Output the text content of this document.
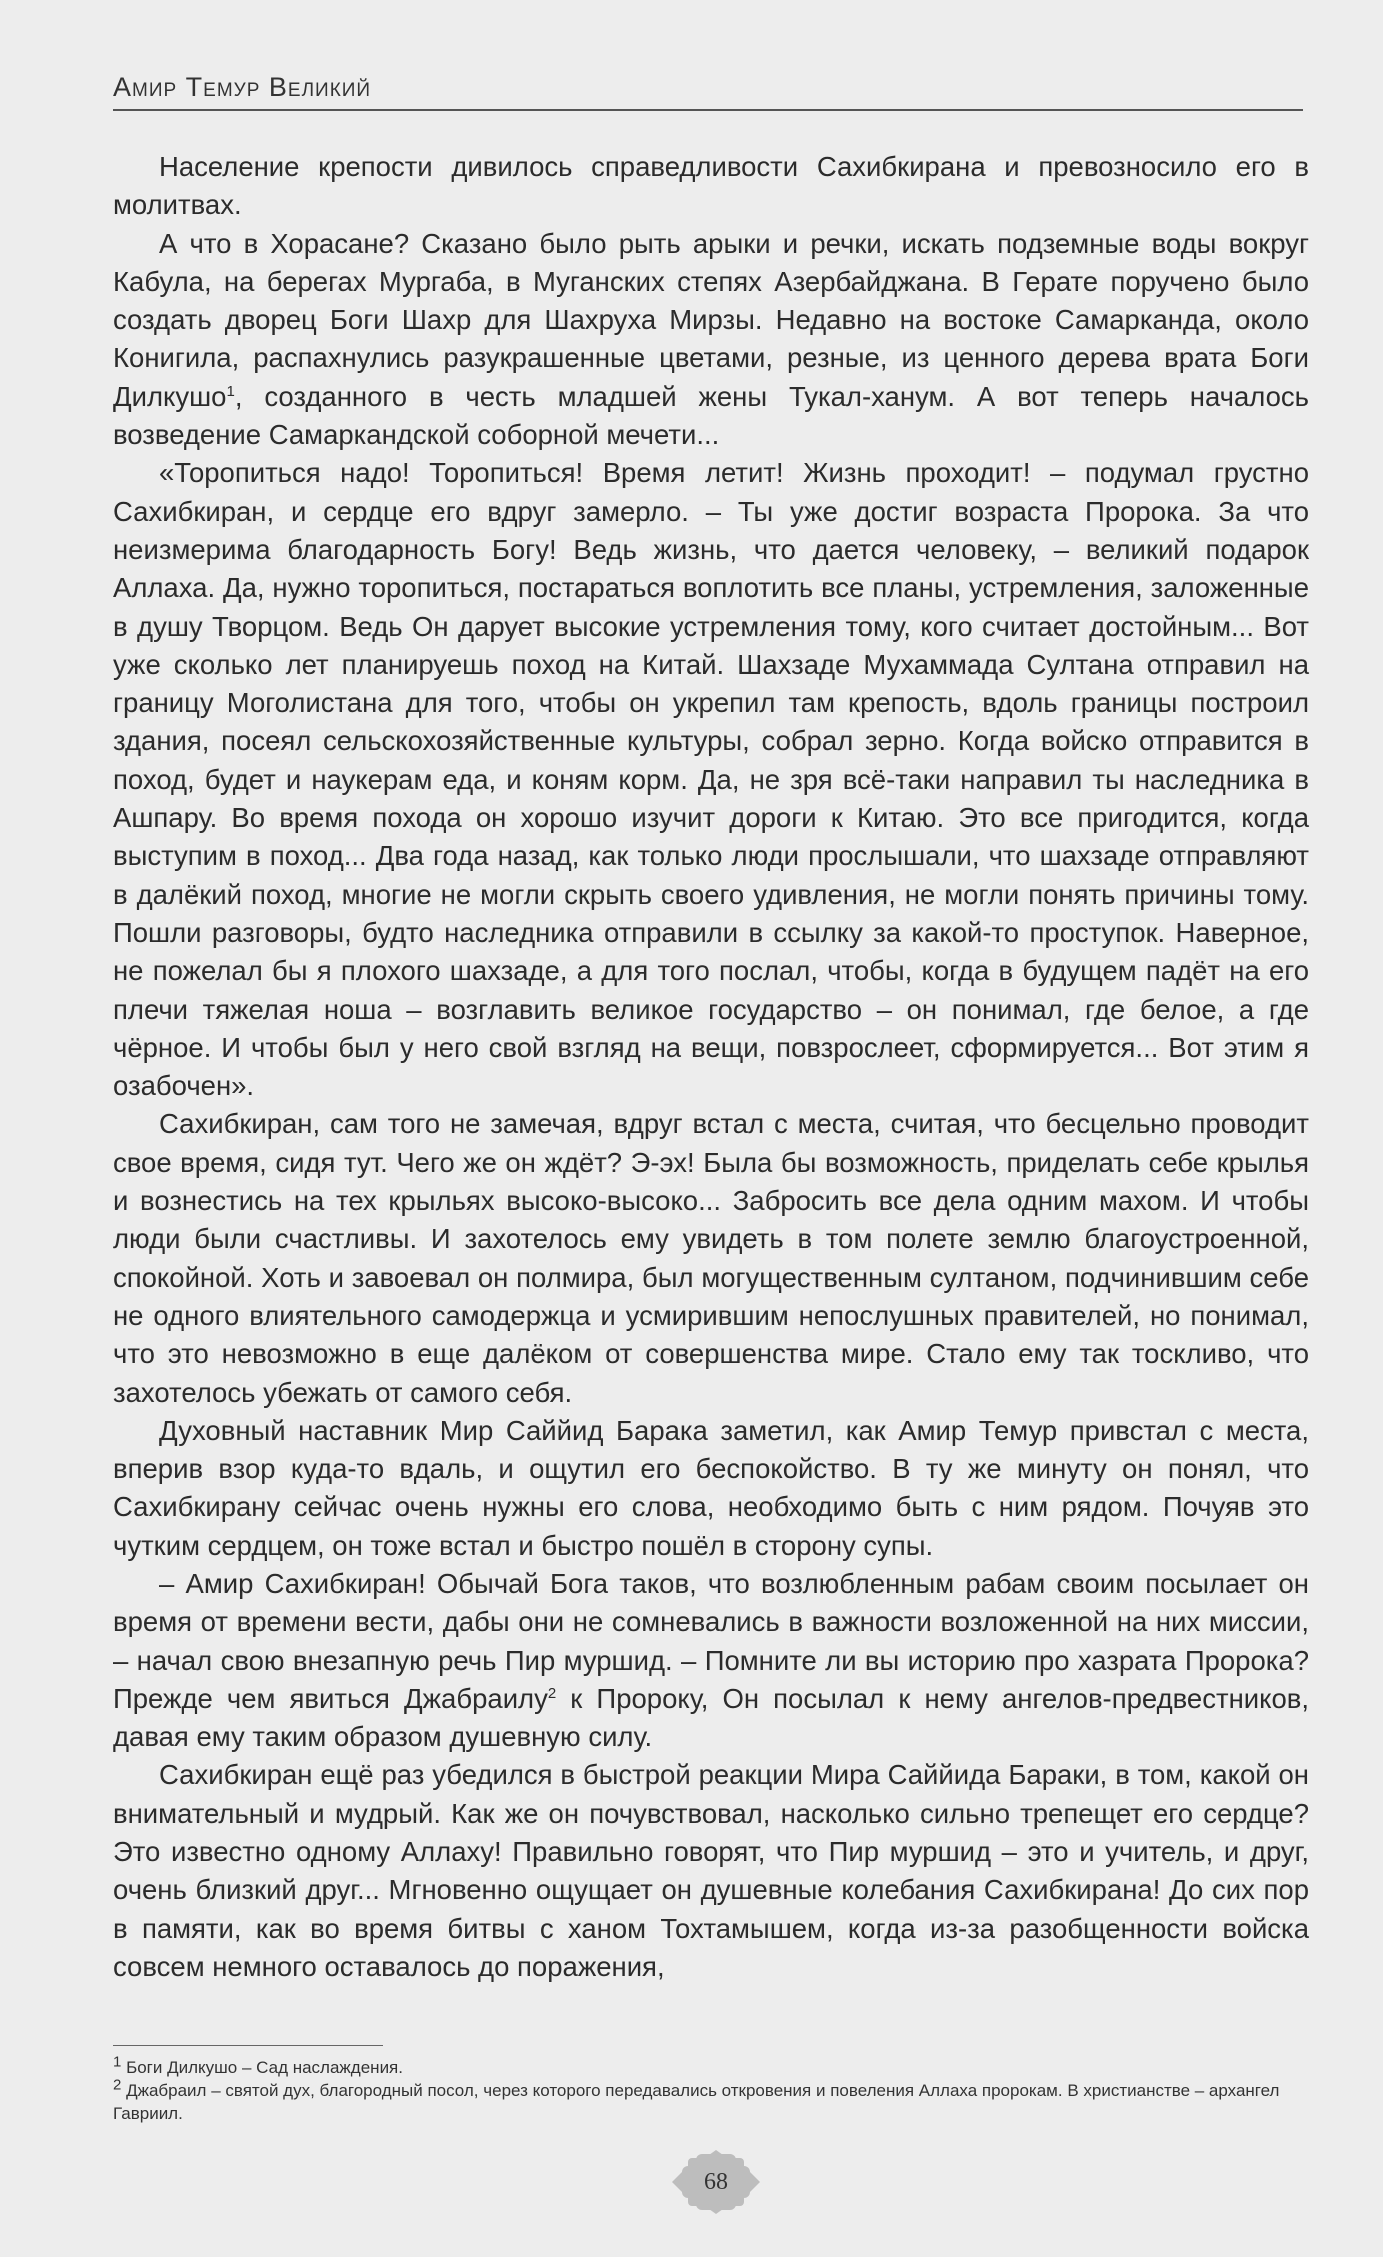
Амир Темур Великий

Население крепости дивилось справедливости Сахибкирана и превозносило его в молитвах.

А что в Хорасане? Сказано было рыть арыки и речки, искать подземные воды вокруг Кабула, на берегах Мургаба, в Муганских степях Азербайджана. В Герате поручено было создать дворец Боги Шахр для Шахруха Мирзы. Недавно на востоке Самарканда, около Конигила, распахнулись разукрашенные цветами, резные, из ценного дерева врата Боги Дилкушо$^1$, созданного в честь младшей жены Тукал-ханум. А вот теперь началось возведение Самаркандской соборной мечети...

«Торопиться надо! Торопиться! Время летит! Жизнь проходит! – подумал грустно Сахибкиран, и сердце его вдруг замерло. – Ты уже достиг возраста Пророка. За что неизмерима благодарность Богу! Ведь жизнь, что дается человеку, – великий подарок Аллаха. Да, нужно торопиться, постараться воплотить все планы, устремления, заложенные в душу Творцом. Ведь Он дарует высокие устремления тому, кого считает достойным... Вот уже сколько лет планируешь поход на Китай. Шахзаде Мухаммада Султана отправил на границу Моголистана для того, чтобы он укрепил там крепость, вдоль границы построил здания, посеял сельскохозяйственные культуры, собрал зерно. Когда войско отправится в поход, будет и наукерам еда, и коням корм. Да, не зря всё-таки направил ты наследника в Ашпару. Во время похода он хорошо изучит дороги к Китаю. Это все пригодится, когда выступим в поход... Два года назад, как только люди прослышали, что шахзаде отправляют в далёкий поход, многие не могли скрыть своего удивления, не могли понять причины тому. Пошли разговоры, будто наследника отправили в ссылку за какой-то проступок. Наверное, не пожелал бы я плохого шахзаде, а для того послал, чтобы, когда в будущем падёт на его плечи тяжелая ноша – возглавить великое государство – он понимал, где белое, а где чёрное. И чтобы был у него свой взгляд на вещи, повзрослеет, сформируется... Вот этим я озабочен».

Сахибкиран, сам того не замечая, вдруг встал с места, считая, что бесцельно проводит свое время, сидя тут. Чего же он ждёт? Э-эх! Была бы возможность, приделать себе крылья и вознестись на тех крыльях высоко-высоко... Забросить все дела одним махом. И чтобы люди были счастливы. И захотелось ему увидеть в том полете землю благоустроенной, спокойной. Хоть и завоевал он полмира, был могущественным султаном, подчинившим себе не одного влиятельного самодержца и усмирившим непослушных правителей, но понимал, что это невозможно в еще далёком от совершенства мире. Стало ему так тоскливо, что захотелось убежать от самого себя.

Духовный наставник Мир Саййид Барака заметил, как Амир Темур привстал с места, вперив взор куда-то вдаль, и ощутил его беспокойство. В ту же минуту он понял, что Сахибкирану сейчас очень нужны его слова, необходимо быть с ним рядом. Почуяв это чутким сердцем, он тоже встал и быстро пошёл в сторону супы.

– Амир Сахибкиран! Обычай Бога таков, что возлюбленным рабам своим посылает он время от времени вести, дабы они не сомневались в важности возложенной на них миссии, – начал свою внезапную речь Пир муршид. – Помните ли вы историю про хазрата Пророка? Прежде чем явиться Джабраилу$^2$ к Пророку, Он посылал к нему ангелов-предвестников, давая ему таким образом душевную силу.

Сахибкиран ещё раз убедился в быстрой реакции Мира Саййида Бараки, в том, какой он внимательный и мудрый. Как же он почувствовал, насколько сильно трепещет его сердце? Это известно одному Аллаху! Правильно говорят, что Пир муршид – это и учитель, и друг, очень близкий друг... Мгновенно ощущает он душевные колебания Сахибкирана! До сих пор в памяти, как во время битвы с ханом Тохтамышем, когда из-за разобщенности войска совсем немного оставалось до поражения,

$^1$ Боги Дилкушо – Сад наслаждения.

$^2$ Джабраил – святой дух, благородный посол, через которого передавались откровения и повеления Аллаха пророкам. В христианстве – архангел Гавриил.

68
